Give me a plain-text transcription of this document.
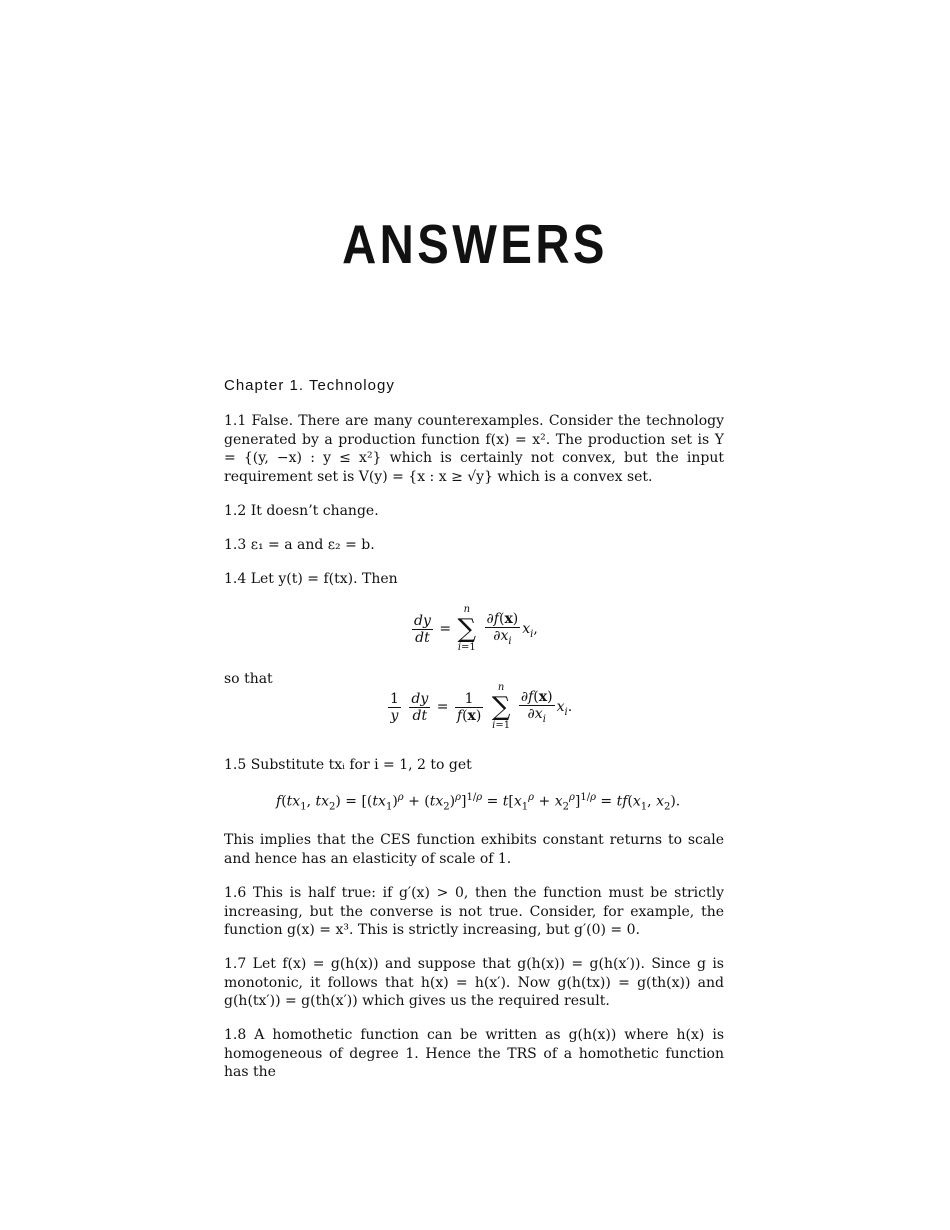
ANSWERS
Chapter 1. Technology
1.1 False. There are many counterexamples. Consider the technology generated by a production function f(x) = x². The production set is Y = {(y, −x) : y ≤ x²} which is certainly not convex, but the input requirement set is V(y) = {x : x ≥ √y} which is a convex set.
1.2 It doesn’t change.
1.3 ε₁ = a and ε₂ = b.
1.4 Let y(t) = f(tx). Then
$\frac{dy}{dt}$ =
n
∑
i=1

$\frac{\partial f(x)}{\partial x_i} x_i$,
so that
$\frac{1}{y}$
$\frac{dy}{dt} = \frac{1}{f(x)}$

n
∑
i=1

$\frac{\partial f(x)}{\partial x_i} x_i$.
1.5 Substitute txᵢ for i = 1, 2 to get
$f(tx_1$, $tx_2) = [(tx_1)^\rho + (tx_2)^\rho]^{1/\rho} = t[x_1^\rho + x_2^\rho]^{1/\rho} = tf(x_1$, $x_2$).
This implies that the CES function exhibits constant returns to scale and hence has an elasticity of scale of 1.
1.6 This is half true: if g′(x) > 0, then the function must be strictly increasing, but the converse is not true. Consider, for example, the function g(x) = x³. This is strictly increasing, but g′(0) = 0.
1.7 Let f(x) = g(h(x)) and suppose that g(h(x)) = g(h(x′)). Since g is monotonic, it follows that h(x) = h(x′). Now g(h(tx)) = g(th(x)) and g(h(tx′)) = g(th(x′)) which gives us the required result.
1.8 A homothetic function can be written as g(h(x)) where h(x) is homogeneous of degree 1. Hence the TRS of a homothetic function has the
